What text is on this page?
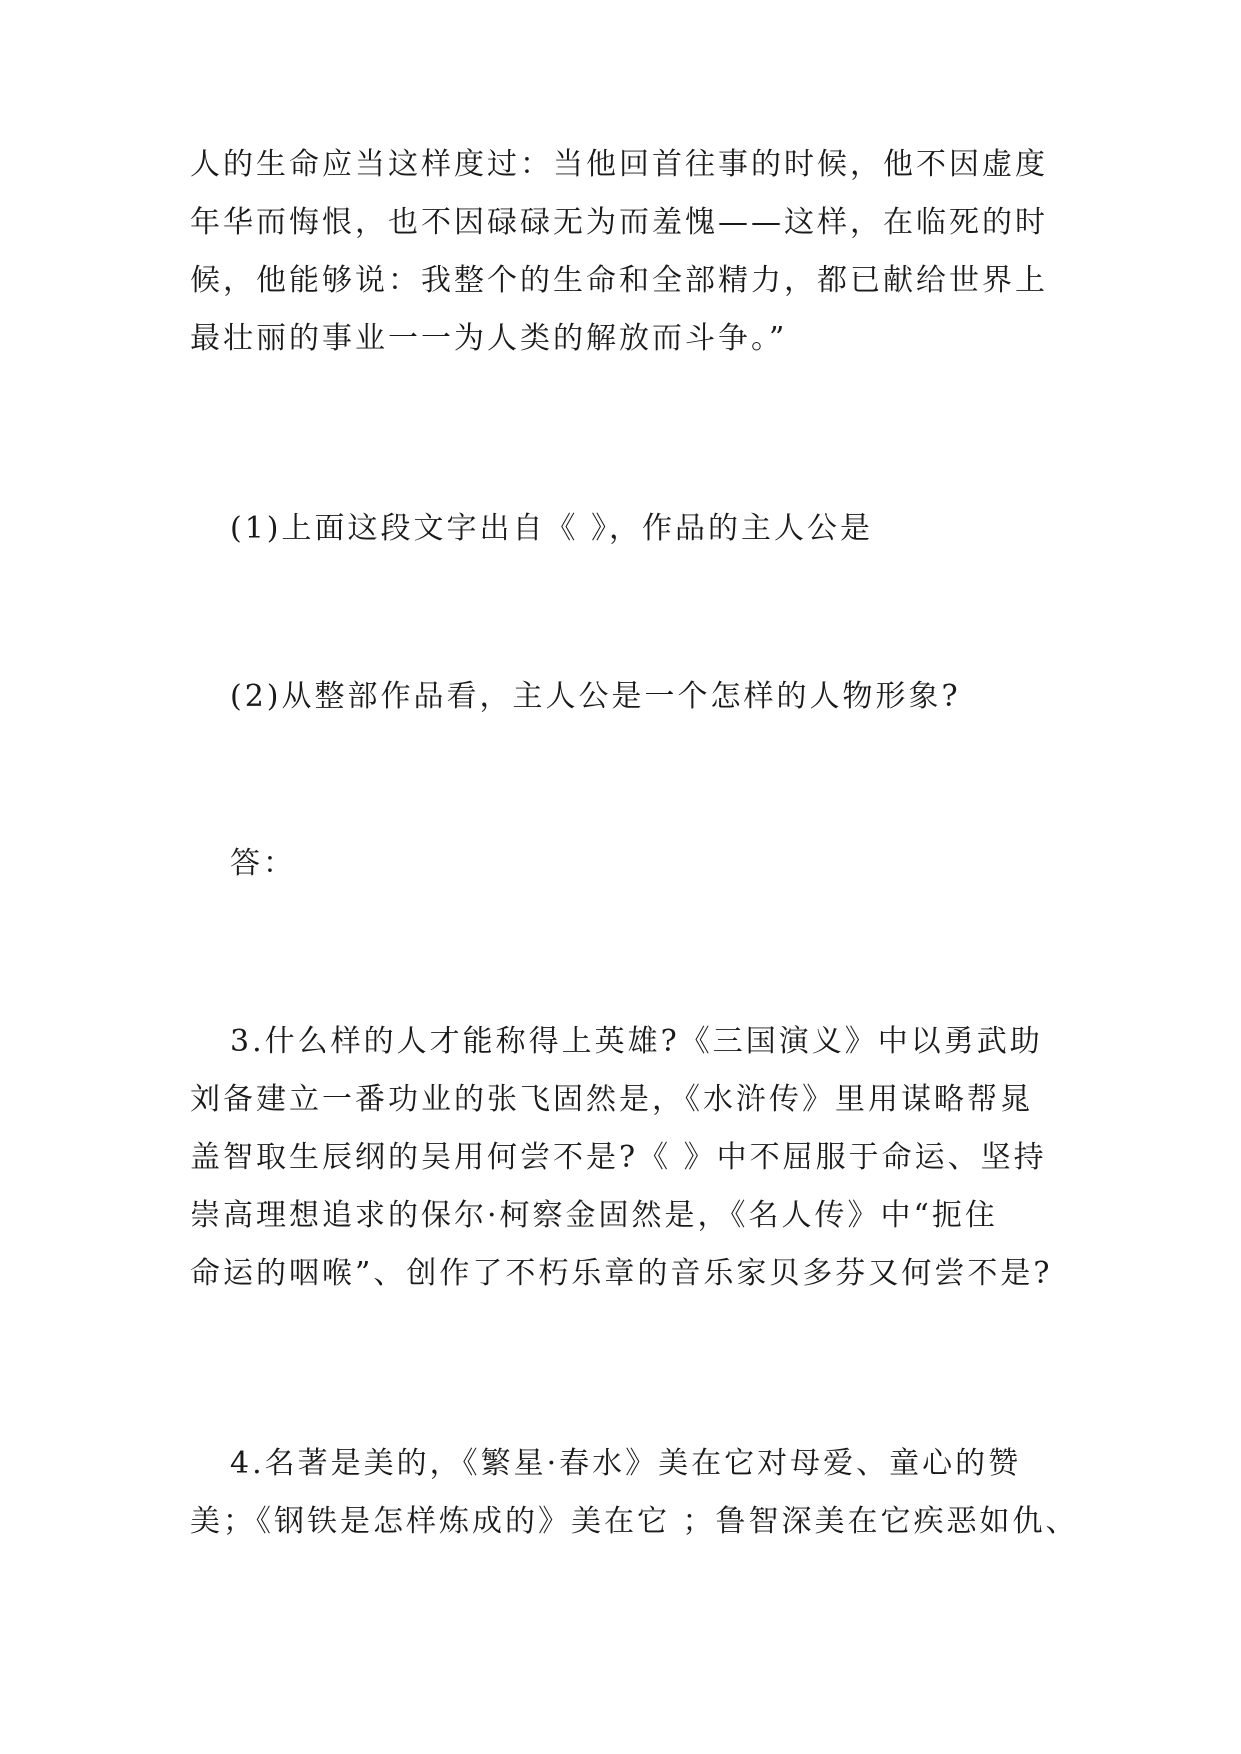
人的生命应当这样度过：当他回首往事的时候，他不因虚度
年华而悔恨，也不因碌碌无为而羞愧——这样，在临死的时
候，他能够说：我整个的生命和全部精力，都已献给世界上
最壮丽的事业一一为人类的解放而斗争。”
(1)上面这段文字出自《 》，作品的主人公是
(2)从整部作品看，主人公是一个怎样的人物形象?
答：
3.什么样的人才能称得上英雄?《三国演义》中以勇武助
刘备建立一番功业的张飞固然是，《水浒传》里用谋略帮晁
盖智取生辰纲的吴用何尝不是?《 》中不屈服于命运、坚持
崇高理想追求的保尔·柯察金固然是，《名人传》中“扼住
命运的咽喉”、创作了不朽乐章的音乐家贝多芬又何尝不是?
4.名著是美的，《繁星·春水》美在它对母爱、童心的赞
美；《钢铁是怎样炼成的》美在它 ；鲁智深美在它疾恶如仇、
